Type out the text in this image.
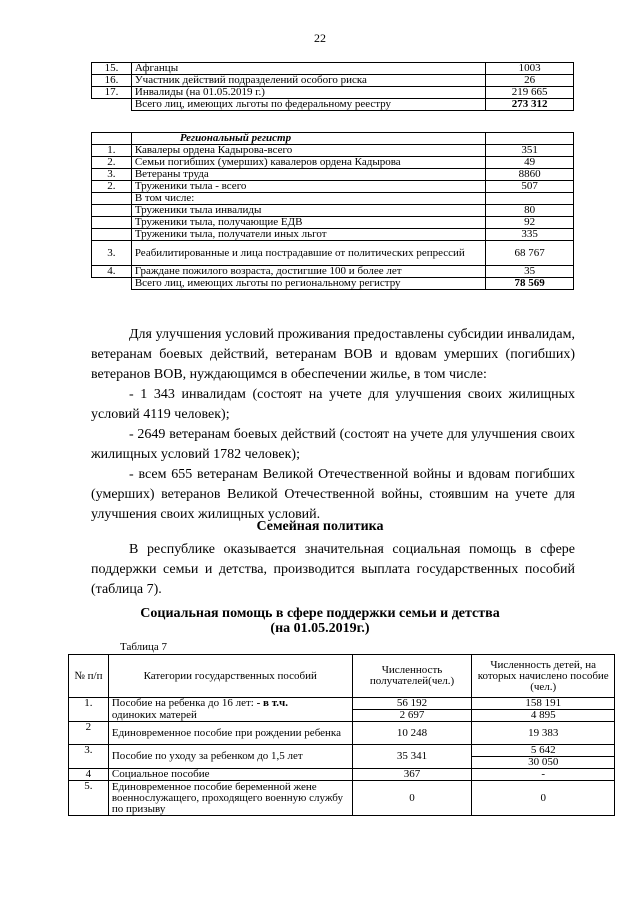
22
15.	Афганцы	1003
16.	Участник действий подразделений особого риска	26
17.	Инвалиды (на 01.05.2019 г.)	219 665
	Всего лиц, имеющих льготы по федеральному реестру	273 312
	Региональный регистр	
1.	Кавалеры ордена Кадырова-всего	351
2.	Семьи погибших (умерших) кавалеров ордена Кадырова	49
3.	Ветераны труда	8860
2.	Труженики тыла - всего	507
	В том числе:	
	Труженики тыла инвалиды	80
	Труженики тыла, получающие ЕДВ	92
	Труженики тыла, получатели иных льгот	335
3.	Реабилитированные и лица пострадавшие от политических репрессий	68 767
4.	Граждане пожилого возраста, достигшие 100 и более лет	35
	Всего лиц, имеющих льготы по региональному регистру	78 569
Для улучшения условий проживания предоставлены субсидии инвалидам, ветеранам боевых действий, ветеранам ВОВ и вдовам умерших (погибших) ветеранов ВОВ, нуждающимся в обеспечении жилье, в том числе:
- 1 343 инвалидам (состоят на учете для улучшения своих жилищных условий 4119 человек);
- 2649 ветеранам боевых действий (состоят на учете для улучшения своих жилищных условий 1782 человек);
- всем 655 ветеранам Великой Отечественной войны и вдовам погибших (умерших) ветеранов Великой Отечественной войны, стоявшим на учете для улучшения своих жилищных условий.
Семейная политика
В республике оказывается значительная социальная помощь в сфере поддержки семьи и детства, производится выплата государственных пособий (таблица 7).
Социальная помощь в сфере поддержки семьи и детства
(на 01.05.2019г.)
Таблица 7
№ п/п	Категории государственных пособий	Численность получателей(чел.)	Численность детей, на которых начислено пособие (чел.)
1.	Пособие на ребенка до 16 лет: - в т.ч.	56 192	158 191
	одиноких матерей	2 697	4 895
2	Единовременное пособие при рождении ребенка	10 248	19 383
3.	Пособие по уходу за ребенком до 1,5 лет	35 341	5 642
			30 050
4	Социальное пособие	367	-
5.	Единовременное пособие беременной жене военнослужащего, проходящего военную службу по призыву	0	0
